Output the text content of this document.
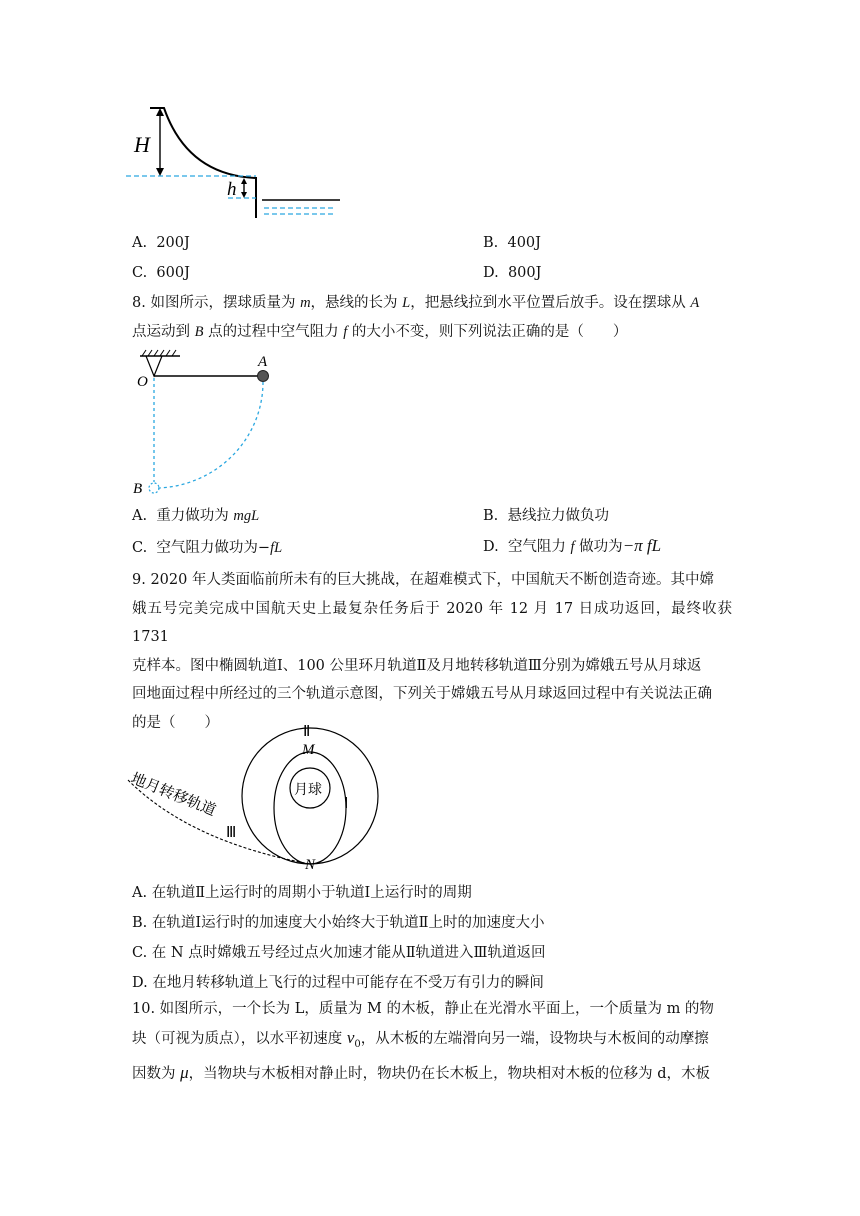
H
h
A. 200J	B. 400J
C. 600J	D. 800J
8. 如图所示，摆球质量为 m，悬线的长为 L，把悬线拉到水平位置后放手。设在摆球从 A
点运动到 B 点的过程中空气阻力 f 的大小不变，则下列说法正确的是（　　）
O
A
B
A. 重力做功为 mgL	B. 悬线拉力做负功
C. 空气阻力做功为−fL	D. 空气阻力 f 做功为−π fL
9. 2020 年人类面临前所未有的巨大挑战，在超难模式下，中国航天不断创造奇迹。其中嫦
娥五号完美完成中国航天史上最复杂任务后于 2020 年 12 月 17 日成功返回，最终收获 1731
克样本。图中椭圆轨道Ⅰ、100 公里环月轨道Ⅱ及月地转移轨道Ⅲ分别为嫦娥五号从月球返
回地面过程中所经过的三个轨道示意图，下列关于嫦娥五号从月球返回过程中有关说法正确
的是（　　）
Ⅱ
M
月球
Ⅰ
地月转移轨道
Ⅲ
N
A. 在轨道Ⅱ上运行时的周期小于轨道Ⅰ上运行时的周期
B. 在轨道Ⅰ运行时的加速度大小始终大于轨道Ⅱ上时的加速度大小
C. 在 N 点时嫦娥五号经过点火加速才能从Ⅱ轨道进入Ⅲ轨道返回
D. 在地月转移轨道上飞行的过程中可能存在不受万有引力的瞬间
10. 如图所示，一个长为 L，质量为 M 的木板，静止在光滑水平面上，一个质量为 m 的物
块（可视为质点），以水平初速度 $v_0$，从木板的左端滑向另一端，设物块与木板间的动摩擦
因数为 μ，当物块与木板相对静止时，物块仍在长木板上，物块相对木板的位移为 d，木板
